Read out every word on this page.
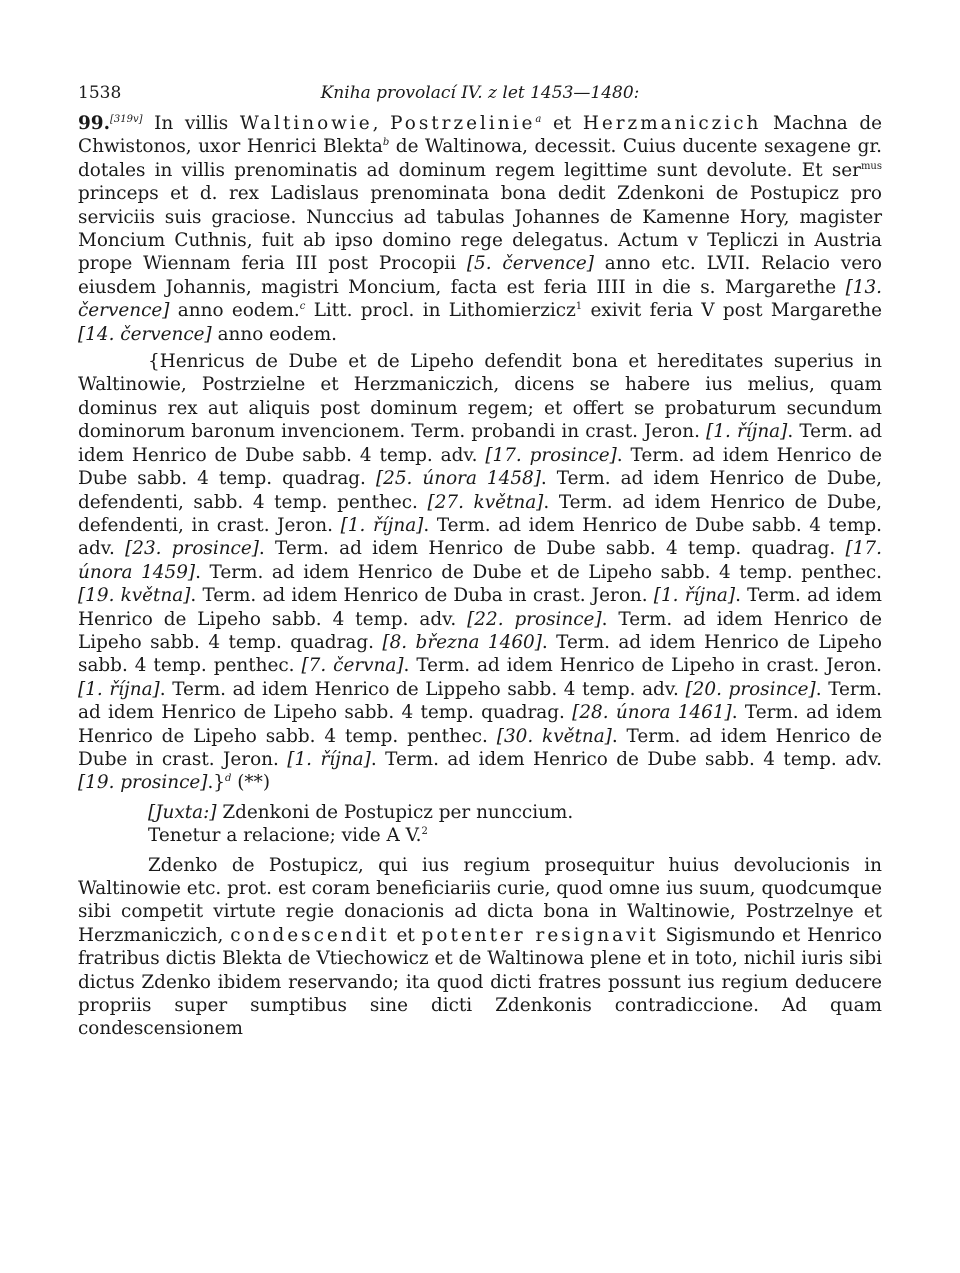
1538	Kniha provolací IV. z let 1453—1480:

99.[319v] In villis Waltinowie, Postrzelinie$^a$ et Herzmaniczich Machna de Chwistonos, uxor Henrici Blekta$^b$ de Waltinowa, decessit. Cuius ducente sexagene gr. dotales in villis prenominatis ad dominum regem legittime sunt devolute. Et ser$^{mus}$ princeps et d. rex Ladislaus prenominata bona dedit Zdenkoni de Postupicz pro serviciis suis graciose. Nunccius ad tabulas Johannes de Kamenne Hory, magister Moncium Cuthnis, fuit ab ipso domino rege delegatus. Actum v Tepliczi in Austria prope Wiennam feria III post Procopii [5. července] anno etc. LVII. Relacio vero eiusdem Johannis, magistri Moncium, facta est feria IIII in die s. Margarethe [13. července] anno eodem.$^c$ Litt. procl. in Lithomierzicz$^1$ exivit feria V post Margarethe [14. července] anno eodem.

{Henricus de Dube et de Lipeho defendit bona et hereditates superius in Waltinowie, Postrzielne et Herzmaniczich, dicens se habere ius melius, quam dominus rex aut aliquis post dominum regem; et offert se probaturum secundum dominorum baronum invencionem. Term. probandi in crast. Jeron. [1. října]. Term. ad idem Henrico de Dube sabb. 4 temp. adv. [17. prosince]. Term. ad idem Henrico de Dube sabb. 4 temp. quadrag. [25. února 1458]. Term. ad idem Henrico de Dube, defendenti, sabb. 4 temp. penthec. [27. května]. Term. ad idem Henrico de Dube, defendenti, in crast. Jeron. [1. října]. Term. ad idem Henrico de Dube sabb. 4 temp. adv. [23. prosince]. Term. ad idem Henrico de Dube sabb. 4 temp. quadrag. [17. února 1459]. Term. ad idem Henrico de Dube et de Lipeho sabb. 4 temp. penthec. [19. května]. Term. ad idem Henrico de Duba in crast. Jeron. [1. října]. Term. ad idem Henrico de Lipeho sabb. 4 temp. adv. [22. prosince]. Term. ad idem Henrico de Lipeho sabb. 4 temp. quadrag. [8. března 1460]. Term. ad idem Henrico de Lipeho sabb. 4 temp. penthec. [7. června]. Term. ad idem Henrico de Lipeho in crast. Jeron. [1. října]. Term. ad idem Henrico de Lippeho sabb. 4 temp. adv. [20. prosince]. Term. ad idem Henrico de Lipeho sabb. 4 temp. quadrag. [28. února 1461]. Term. ad idem Henrico de Lipeho sabb. 4 temp. penthec. [30. května]. Term. ad idem Henrico de Dube in crast. Jeron. [1. října]. Term. ad idem Henrico de Dube sabb. 4 temp. adv. [19. prosince].}$^d$ (**)

[Juxta:] Zdenkoni de Postupicz per nunccium.

Tenetur a relacione; vide A V.$^2$

Zdenko de Postupicz, qui ius regium prosequitur huius devolucionis in Waltinowie etc. prot. est coram beneficiariis curie, quod omne ius suum, quodcumque sibi competit virtute regie donacionis ad dicta bona in Waltinowie, Postrzelnye et Herzmaniczich, condescendit et potenter resignavit Sigismundo et Henrico fratribus dictis Blekta de Vtiechowicz et de Waltinowa plene et in toto, nichil iuris sibi dictus Zdenko ibidem reservando; ita quod dicti fratres possunt ius regium deducere propriis super sumptibus sine dicti Zdenkonis contradiccione. Ad quam condescensionem
